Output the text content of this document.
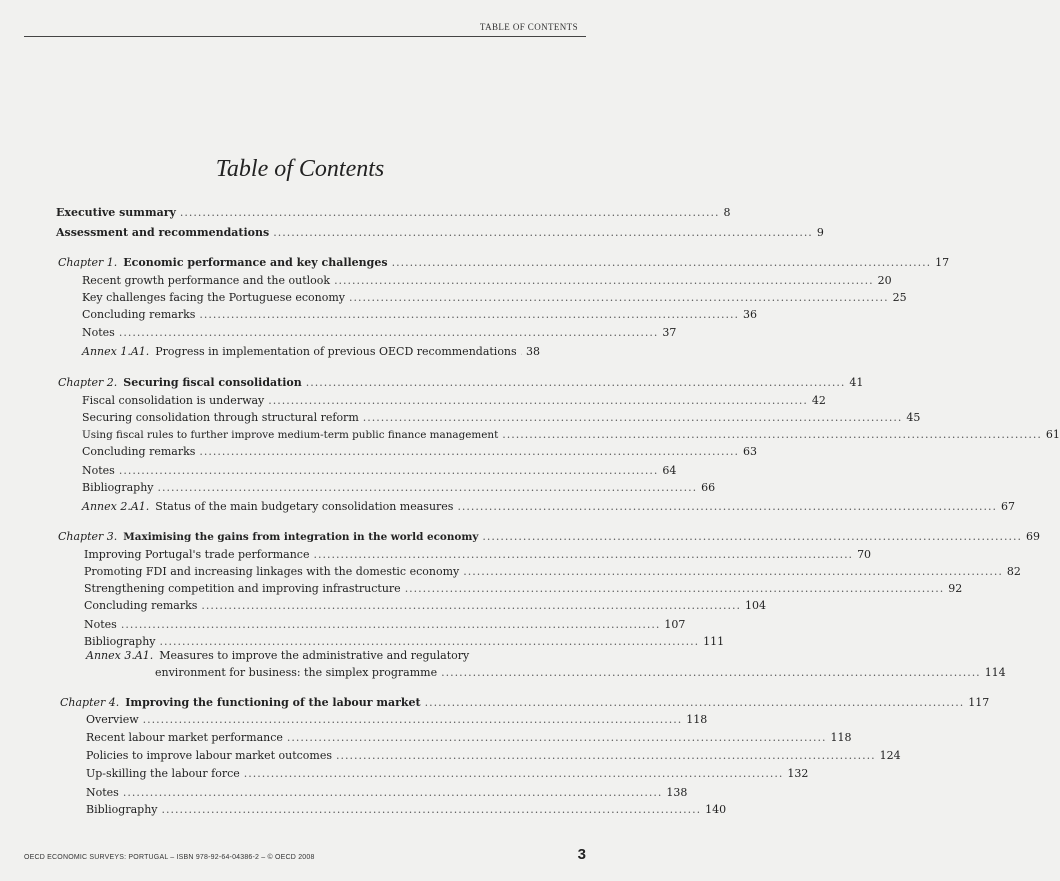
TABLE OF CONTENTS
Table of Contents
Executive summary ........................................................................................................................ 8
Assessment and recommendations ........................................................................................................................ 9
Chapter 1. Economic performance and key challenges ........................................................................................................................ 17
Recent growth performance and the outlook ........................................................................................................................ 20
Key challenges facing the Portuguese economy ........................................................................................................................ 25
Concluding remarks ........................................................................................................................ 36
Notes ........................................................................................................................ 37
Annex 1.A1. Progress in implementation of previous OECD recommendations 38
Chapter 2. Securing fiscal consolidation ........................................................................................................................ 41
Fiscal consolidation is underway ........................................................................................................................ 42
Securing consolidation through structural reform ........................................................................................................................ 45
Using fiscal rules to further improve medium-term public finance management ........................................................................................................................ 61
Concluding remarks ........................................................................................................................ 63
Notes ........................................................................................................................ 64
Bibliography ........................................................................................................................ 66
Annex 2.A1. Status of the main budgetary consolidation measures ........................................................................................................................ 67
Chapter 3. Maximising the gains from integration in the world economy ........................................................................................................................ 69
Improving Portugal's trade performance ........................................................................................................................ 70
Promoting FDI and increasing linkages with the domestic economy ........................................................................................................................ 82
Strengthening competition and improving infrastructure ........................................................................................................................ 92
Concluding remarks ........................................................................................................................ 104
Notes ........................................................................................................................ 107
Bibliography ........................................................................................................................ 111
Annex 3.A1. Measures to improve the administrative and regulatory
environment for business: the simplex programme ........................................................................................................................ 114
Chapter 4. Improving the functioning of the labour market ........................................................................................................................ 117
Overview ........................................................................................................................ 118
Recent labour market performance ........................................................................................................................ 118
Policies to improve labour market outcomes ........................................................................................................................ 124
Up-skilling the labour force ........................................................................................................................ 132
Notes ........................................................................................................................ 138
Bibliography ........................................................................................................................ 140
OECD ECONOMIC SURVEYS: PORTUGAL – ISBN 978-92-64-04386-2 – © OECD 2008	3
